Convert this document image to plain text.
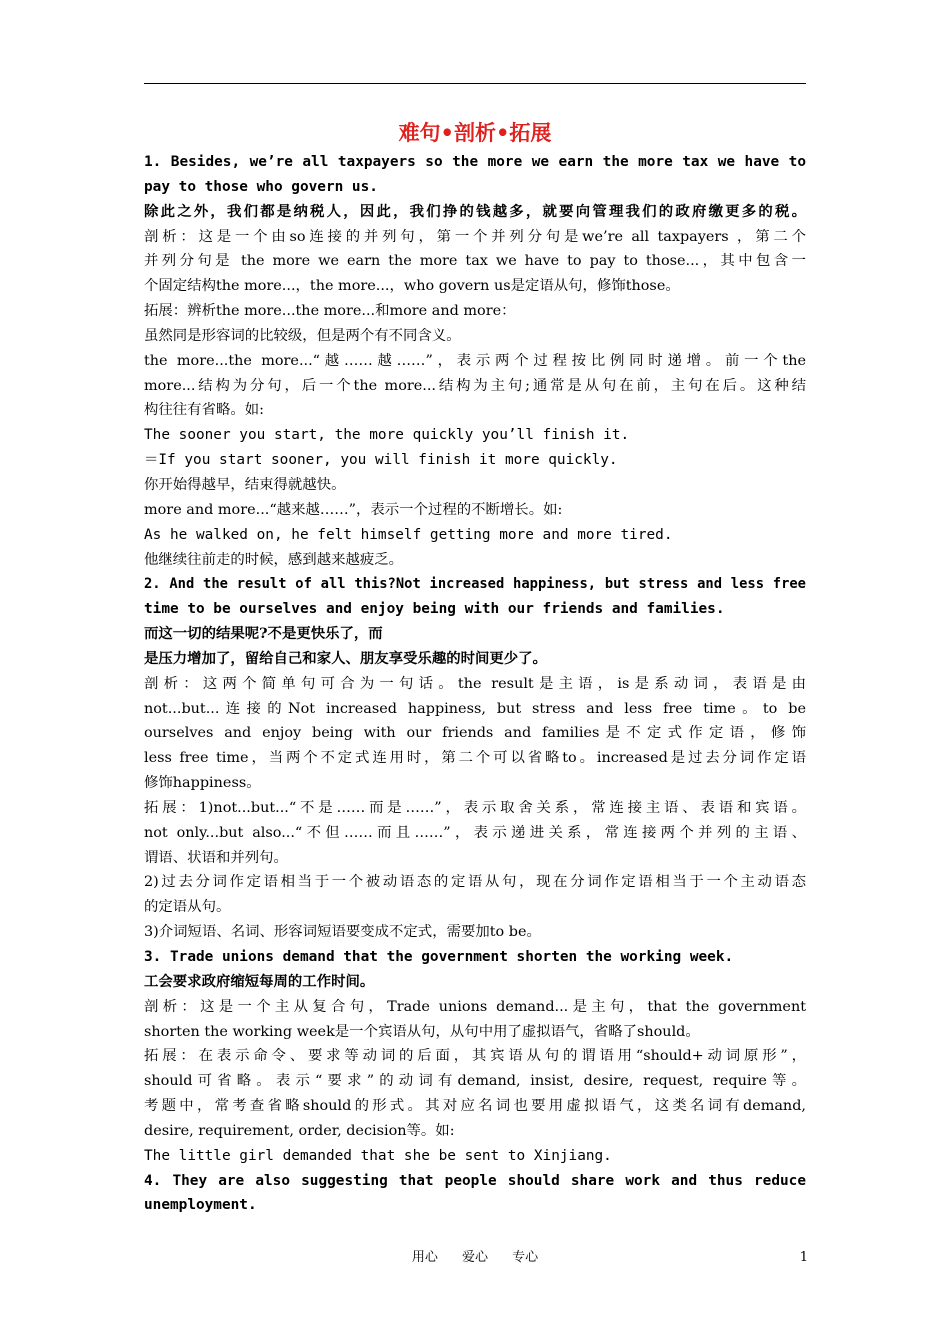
难句•剖析•拓展
1. Besides, we’re all taxpayers so the more we earn the more tax we have to
pay to those who govern us.
除此之外，我们都是纳税人，因此，我们挣的钱越多，就要向管理我们的政府缴更多的税。
剖析：这是一个由so连接的并列句，第一个并列分句是we’re all taxpayers ，第二个
并列分句是 the more we earn the more tax we have to pay to those...，其中包含一
个固定结构the more...，the more...，who govern us是定语从句，修饰those。
拓展：辨析the more...the more...和more and more：
虽然同是形容词的比较级，但是两个有不同含义。
the more...the more...“越……越……”，表示两个过程按比例同时递增。前一个the
more...结构为分句，后一个the more...结构为主句;通常是从句在前，主句在后。这种结
构往往有省略。如:
The sooner you start, the more quickly you’ll finish it.
＝If you start sooner, you will finish it more quickly.
你开始得越早，结束得就越快。
more and more...“越来越……”，表示一个过程的不断增长。如:
As he walked on, he felt himself getting more and more tired.
他继续往前走的时候，感到越来越疲乏。
2. And the result of all this?Not increased happiness, but stress and less free
time to be ourselves and enjoy being with our friends and families.
而这一切的结果呢?不是更快乐了，而
是压力增加了，留给自己和家人、朋友享受乐趣的时间更少了。
剖析：这两个简单句可合为一句话。the result是主语，is是系动词，表语是由
not...but...连接的Not increased happiness, but stress and less free time。to be
ourselves and enjoy being with our friends and families是不定式作定语，修饰
less free time，当两个不定式连用时，第二个可以省略to。increased是过去分词作定语
修饰happiness。
拓展：1)not...but...“不是……而是……”，表示取舍关系，常连接主语、表语和宾语。
not only...but also...“不但……而且……”，表示递进关系，常连接两个并列的主语、
谓语、状语和并列句。
2)过去分词作定语相当于一个被动语态的定语从句，现在分词作定语相当于一个主动语态
的定语从句。
3)介词短语、名词、形容词短语要变成不定式，需要加to be。
3. Trade unions demand that the government shorten the working week.
工会要求政府缩短每周的工作时间。
剖析：这是一个主从复合句，Trade unions demand...是主句，that the government
shorten the working week是一个宾语从句，从句中用了虚拟语气，省略了should。
拓展：在表示命令、要求等动词的后面，其宾语从句的谓语用“should+动词原形”，
should可省略。表示“要求”的动词有demand, insist, desire, request, require等。
考题中，常考查省略should的形式。其对应名词也要用虚拟语气，这类名词有demand,
desire, requirement, order, decision等。如:
The little girl demanded that she be sent to Xinjiang.
4. They are also suggesting that people should share work and thus reduce
unemployment.
用心 爱心 专心	1
